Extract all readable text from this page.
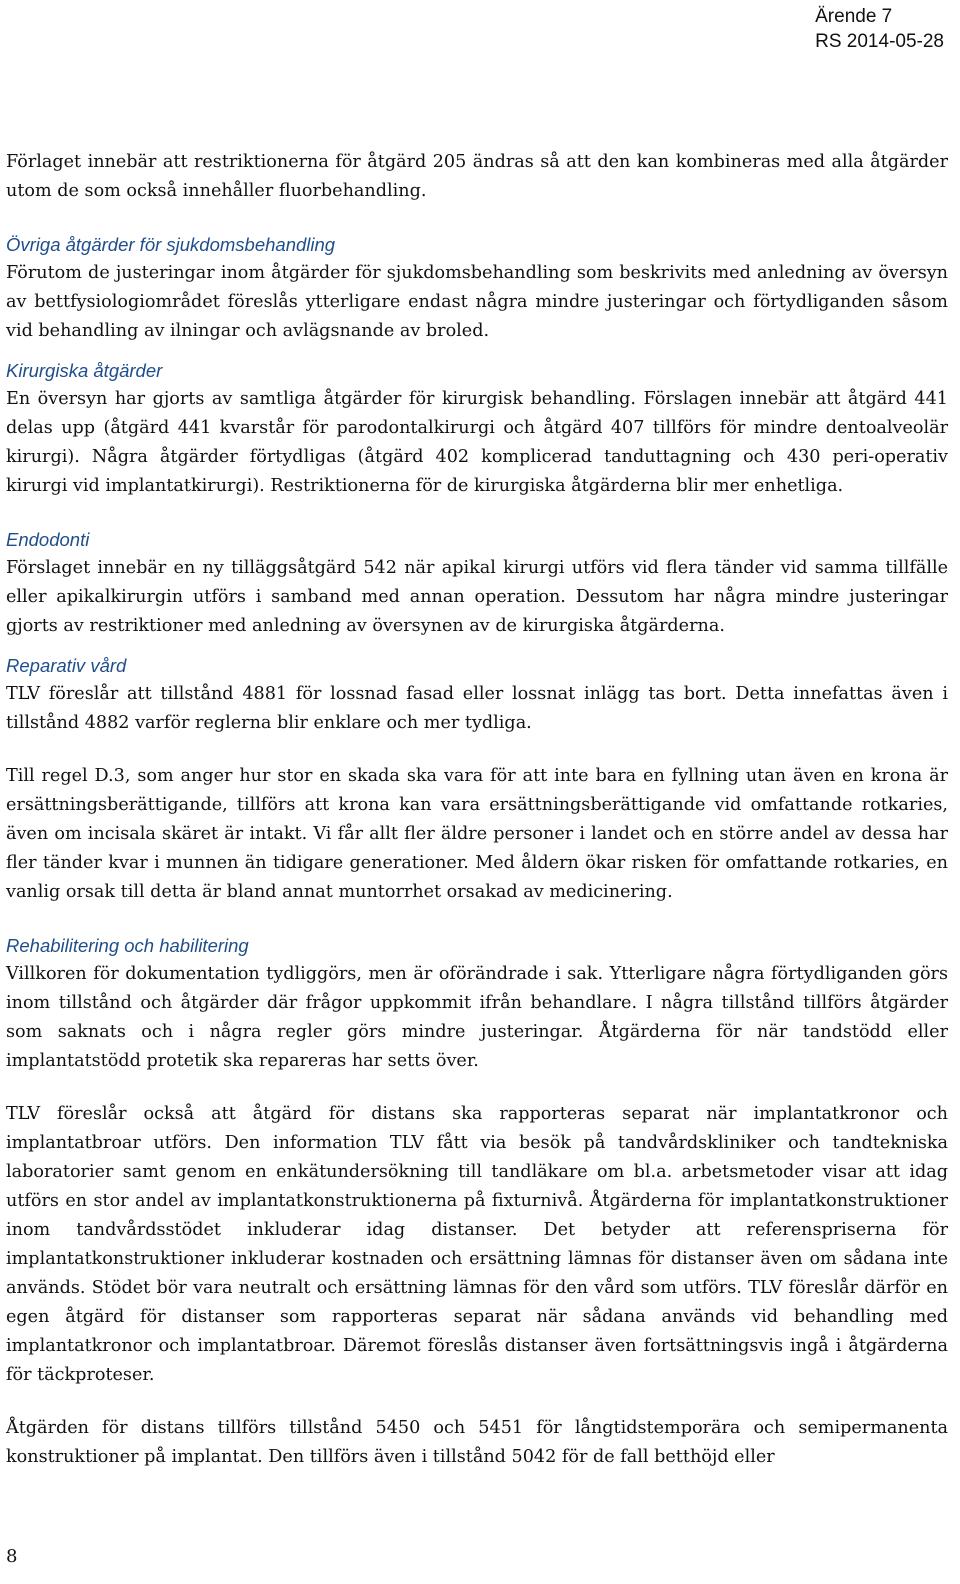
Ärende 7
RS 2014-05-28

Förlaget innebär att restriktionerna för åtgärd 205 ändras så att den kan kombineras med alla åtgärder utom de som också innehåller fluorbehandling.

Övriga åtgärder för sjukdomsbehandling

Förutom de justeringar inom åtgärder för sjukdomsbehandling som beskrivits med anledning av översyn av bettfysiologiområdet föreslås ytterligare endast några mindre justeringar och förtydliganden såsom vid behandling av ilningar och avlägsnande av broled.

Kirurgiska åtgärder

En översyn har gjorts av samtliga åtgärder för kirurgisk behandling. Förslagen innebär att åtgärd 441 delas upp (åtgärd 441 kvarstår för parodontalkirurgi och åtgärd 407 tillförs för mindre dentoalveolär kirurgi). Några åtgärder förtydligas (åtgärd 402 komplicerad tanduttagning och 430 peri-operativ kirurgi vid implantatkirurgi). Restriktionerna för de kirurgiska åtgärderna blir mer enhetliga.

Endodonti

Förslaget innebär en ny tilläggsåtgärd 542 när apikal kirurgi utförs vid flera tänder vid samma tillfälle eller apikalkirurgin utförs i samband med annan operation. Dessutom har några mindre justeringar gjorts av restriktioner med anledning av översynen av de kirurgiska åtgärderna.

Reparativ vård

TLV föreslår att tillstånd 4881 för lossnad fasad eller lossnat inlägg tas bort. Detta innefattas även i tillstånd 4882 varför reglerna blir enklare och mer tydliga.

Till regel D.3, som anger hur stor en skada ska vara för att inte bara en fyllning utan även en krona är ersättningsberättigande, tillförs att krona kan vara ersättningsberättigande vid omfattande rotkaries, även om incisala skäret är intakt. Vi får allt fler äldre personer i landet och en större andel av dessa har fler tänder kvar i munnen än tidigare generationer. Med åldern ökar risken för omfattande rotkaries, en vanlig orsak till detta är bland annat muntorrhet orsakad av medicinering.

Rehabilitering och habilitering

Villkoren för dokumentation tydliggörs, men är oförändrade i sak. Ytterligare några förtydliganden görs inom tillstånd och åtgärder där frågor uppkommit ifrån behandlare. I några tillstånd tillförs åtgärder som saknats och i några regler görs mindre justeringar. Åtgärderna för när tandstödd eller implantatstödd protetik ska repareras har setts över.

TLV föreslår också att åtgärd för distans ska rapporteras separat när implantatkronor och implantatbroar utförs. Den information TLV fått via besök på tandvårdskliniker och tandtekniska laboratorier samt genom en enkätundersökning till tandläkare om bl.a. arbetsmetoder visar att idag utförs en stor andel av implantatkonstruktionerna på fixturnivå. Åtgärderna för implantatkonstruktioner inom tandvårdsstödet inkluderar idag distanser. Det betyder att referenspriserna för implantatkonstruktioner inkluderar kostnaden och ersättning lämnas för distanser även om sådana inte används. Stödet bör vara neutralt och ersättning lämnas för den vård som utförs. TLV föreslår därför en egen åtgärd för distanser som rapporteras separat när sådana används vid behandling med implantatkronor och implantatbroar. Däremot föreslås distanser även fortsättningsvis ingå i åtgärderna för täckproteser.

Åtgärden för distans tillförs tillstånd 5450 och 5451 för långtidstemporära och semipermanenta konstruktioner på implantat. Den tillförs även i tillstånd 5042 för de fall betthöjd eller

8
